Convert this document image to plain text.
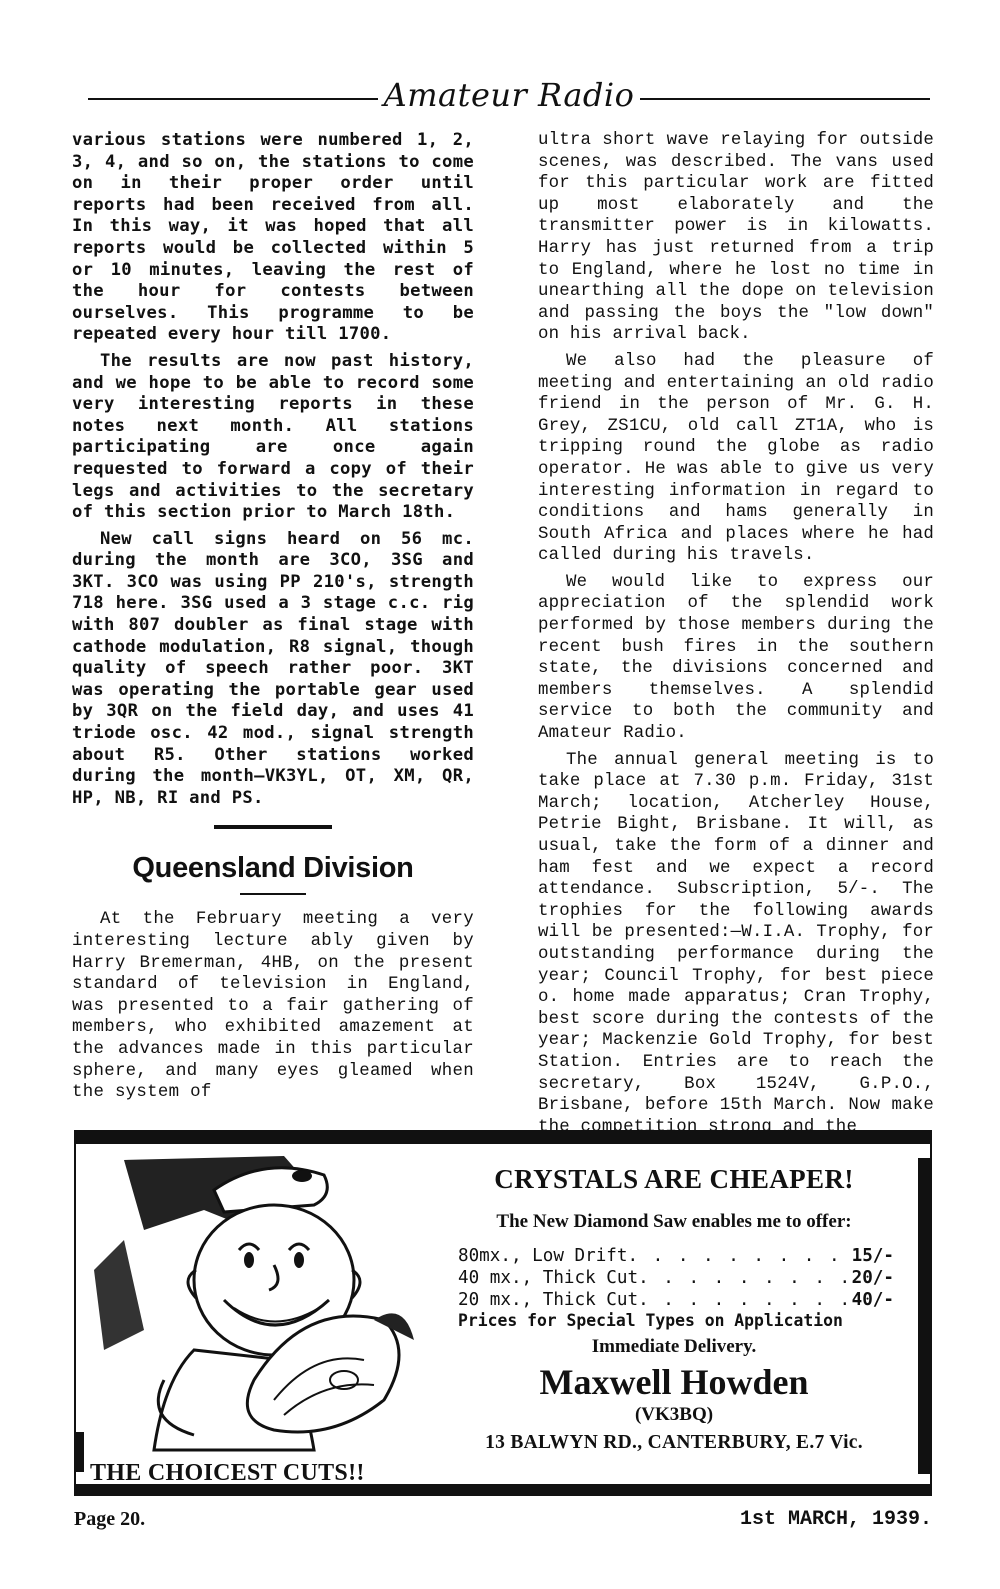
Amateur Radio

various stations were numbered 1, 2, 3, 4, and so on, the stations to come on in their proper order until reports had been received from all. In this way, it was hoped that all reports would be collected within 5 or 10 minutes, leaving the rest of the hour for contests between ourselves. This programme to be repeated every hour till 1700.

The results are now past history, and we hope to be able to record some very interesting reports in these notes next month. All stations participating are once again requested to forward a copy of their legs and activities to the secretary of this section prior to March 18th.

New call signs heard on 56 mc. during the month are 3CO, 3SG and 3KT. 3CO was using PP 210's, strength 718 here. 3SG used a 3 stage c.c. rig with 807 doubler as final stage with cathode modulation, R8 signal, though quality of speech rather poor. 3KT was operating the portable gear used by 3QR on the field day, and uses 41 triode osc. 42 mod., signal strength about R5. Other stations worked during the month—VK3YL, OT, XM, QR, HP, NB, RI and PS.

Queensland Division

At the February meeting a very interesting lecture ably given by Harry Bremerman, 4HB, on the present standard of television in England, was presented to a fair gathering of members, who exhibited amazement at the advances made in this particular sphere, and many eyes gleamed when the system of

ultra short wave relaying for outside scenes, was described. The vans used for this particular work are fitted up most elaborately and the transmitter power is in kilowatts. Harry has just returned from a trip to England, where he lost no time in unearthing all the dope on television and passing the boys the "low down" on his arrival back.

We also had the pleasure of meeting and entertaining an old radio friend in the person of Mr. G. H. Grey, ZS1CU, old call ZT1A, who is tripping round the globe as radio operator. He was able to give us very interesting information in regard to conditions and hams generally in South Africa and places where he had called during his travels.

We would like to express our appreciation of the splendid work performed by those members during the recent bush fires in the southern state, the divisions concerned and members themselves. A splendid service to both the community and Amateur Radio.

The annual general meeting is to take place at 7.30 p.m. Friday, 31st March; location, Atcherley House, Petrie Bight, Brisbane. It will, as usual, take the form of a dinner and ham fest and we expect a record attendance. Subscription, 5/-. The trophies for the following awards will be presented:—W.I.A. Trophy, for outstanding performance during the year; Council Trophy, for best piece o. home made apparatus; Cran Trophy, best score during the contests of the year; Mackenzie Gold Trophy, for best Station. Entries are to reach the secretary, Box 1524V, G.P.O., Brisbane, before 15th March. Now make the competition strong and the

THE CHOICEST CUTS!!
CRYSTALS ARE CHEAPER!
The New Diamond Saw enables me to offer:
80mx., Low Drift . . .	15/-
40 mx., Thick Cut . . .	20/-
20 mx., Thick Cut . . .	40/-
Prices for Special Types on Application
Immediate Delivery.
Maxwell Howden
(VK3BQ)
13 BALWYN RD., CANTERBURY, E.7 Vic.
Page 20.	1st MARCH, 1939.
